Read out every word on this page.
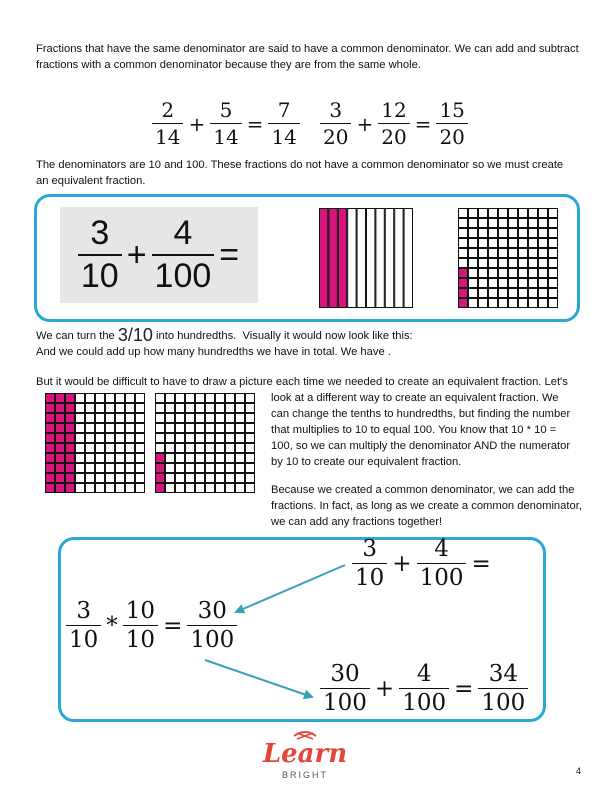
Fractions that have the same denominator are said to have a common denominator. We can add and subtract
fractions with a common denominator because they are from the same whole.
$\frac{2}{14} + \frac{5}{14} = \frac{7}{14} \frac{3}{20} + \frac{12}{20} = \frac{15}{20}$
The denominators are 10 and 100. These fractions do not have a common denominator so we must create
an equivalent fraction.
$\frac{3}{10} + \frac{4}{100}$ =
We can turn the 3/10 into hundredths.  Visually it would now look like this:
And we could add up how many hundredths we have in total. We have .
But it would be difficult to have to draw a picture each time we needed to create an equivalent fraction. Let's
look at a different way to create an equivalent fraction. We
can change the tenths to hundredths, but finding the number
that multiplies to 10 to equal 100. You know that 10 * 10 =
100, so we can multiply the denominator AND the numerator
by 10 to create our equivalent fraction.
Because we created a common denominator, we can add the
fractions. In fact, as long as we create a common denominator,
we can add any fractions together!
$\frac{3}{10} + \frac{4}{100}$ =
$\frac{3}{10} * \frac{10}{10} = \frac{30}{100}$
$\frac{30}{100} + \frac{4}{100} = \frac{34}{100}$
Learn
BRIGHT	4
